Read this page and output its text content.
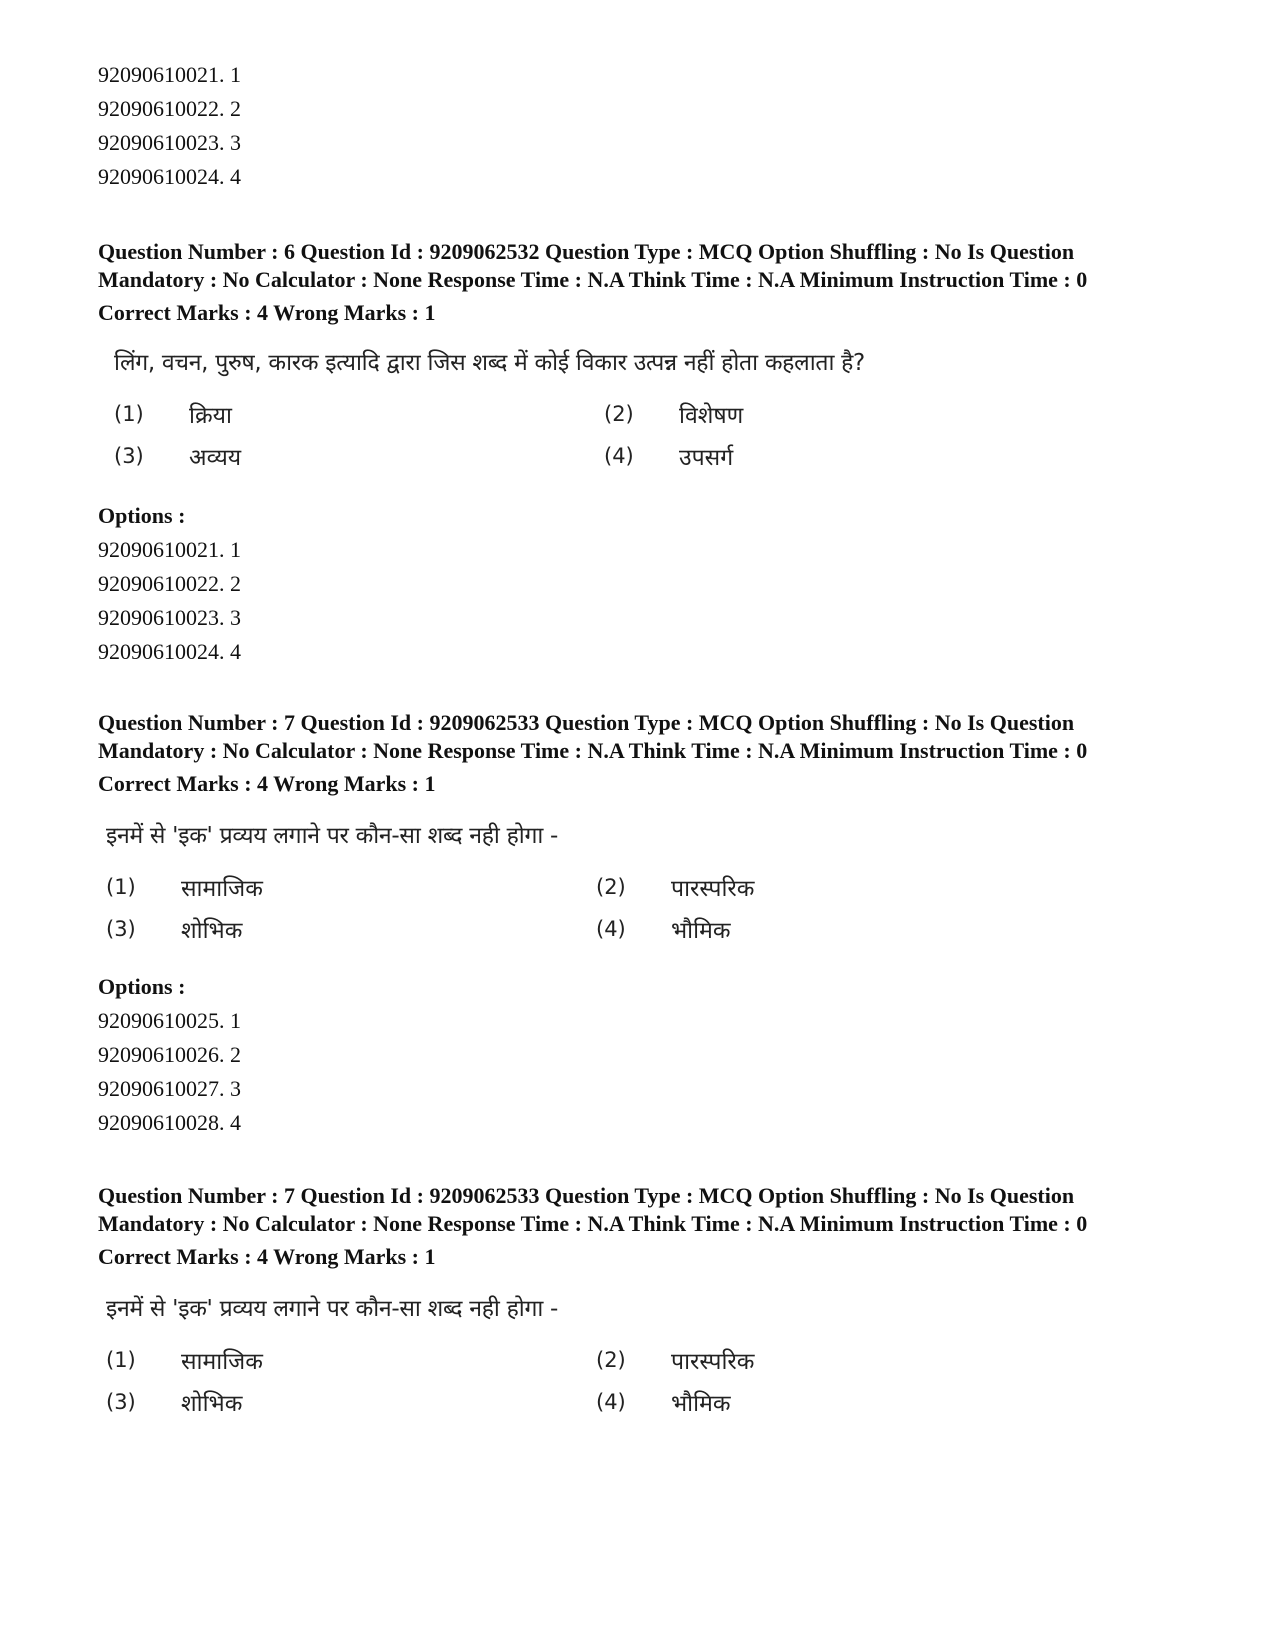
92090610021. 1
92090610022. 2
92090610023. 3
92090610024. 4
Question Number : 6 Question Id : 9209062532 Question Type : MCQ Option Shuffling : No Is Question Mandatory : No Calculator : None Response Time : N.A Think Time : N.A Minimum Instruction Time : 0
Correct Marks : 4 Wrong Marks : 1
लिंग, वचन, पुरुष, कारक इत्यादि द्वारा जिस शब्द में कोई विकार उत्पन्न नहीं होता कहलाता है?
(1)	क्रिया	(2)	विशेषण
(3)	अव्यय	(4)	उपसर्ग
Options :
92090610021. 1
92090610022. 2
92090610023. 3
92090610024. 4
Question Number : 7 Question Id : 9209062533 Question Type : MCQ Option Shuffling : No Is Question Mandatory : No Calculator : None Response Time : N.A Think Time : N.A Minimum Instruction Time : 0
Correct Marks : 4 Wrong Marks : 1
इनमें से 'इक' प्रव्यय लगाने पर कौन-सा शब्द नही होगा -
(1)	सामाजिक	(2)	पारस्परिक
(3)	शोभिक	(4)	भौमिक
Options :
92090610025. 1
92090610026. 2
92090610027. 3
92090610028. 4
Question Number : 7 Question Id : 9209062533 Question Type : MCQ Option Shuffling : No Is Question Mandatory : No Calculator : None Response Time : N.A Think Time : N.A Minimum Instruction Time : 0
Correct Marks : 4 Wrong Marks : 1
इनमें से 'इक' प्रव्यय लगाने पर कौन-सा शब्द नही होगा -
(1)	सामाजिक	(2)	पारस्परिक
(3)	शोभिक	(4)	भौमिक
